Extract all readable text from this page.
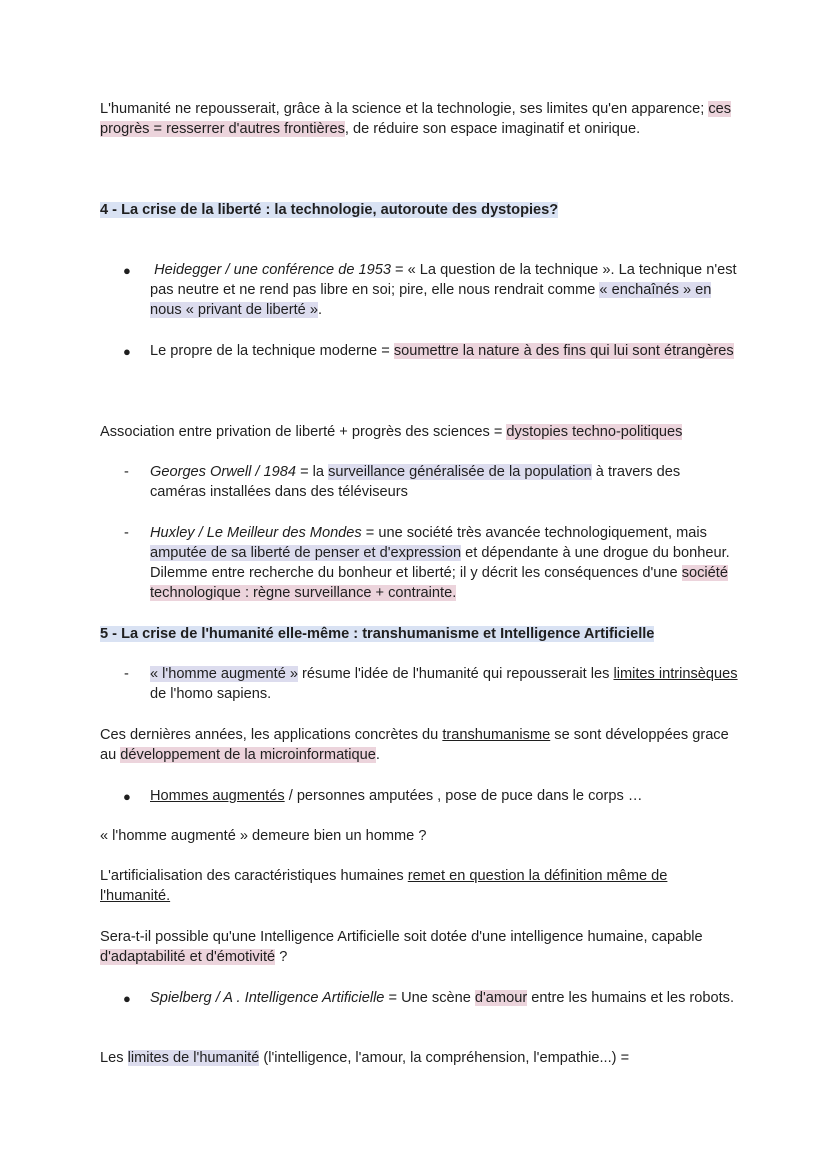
L'humanité ne repousserait, grâce à la science et la technologie, ses limites qu'en apparence; ces progrès = resserrer d'autres frontières, de réduire son espace imaginatif et onirique.

4 - La crise de la liberté : la technologie, autoroute des dystopies?

● Heidegger / une conférence de 1953 = « La question de la technique ». La technique n'est pas neutre et ne rend pas libre en soi; pire, elle nous rendrait comme « enchaînés » en nous « privant de liberté ».

● Le propre de la technique moderne = soumettre la nature à des fins qui lui sont étrangères

Association entre privation de liberté + progrès des sciences = dystopies techno-politiques

- Georges Orwell / 1984 = la surveillance généralisée de la population à travers des caméras installées dans des téléviseurs

- Huxley / Le Meilleur des Mondes = une société très avancée technologiquement, mais amputée de sa liberté de penser et d'expression et dépendante à une drogue du bonheur. Dilemme entre recherche du bonheur et liberté; il y décrit les conséquences d'une société technologique : règne surveillance + contrainte.

5 - La crise de l'humanité elle-même : transhumanisme et Intelligence Artificielle

- « l'homme augmenté » résume l'idée de l'humanité qui repousserait les limites intrinsèques de l'homo sapiens.

Ces dernières années, les applications concrètes du transhumanisme se sont développées grace au développement de la microinformatique.

● Hommes augmentés / personnes amputées , pose de puce dans le corps …

« l'homme augmenté » demeure bien un homme ?

L'artificialisation des caractéristiques humaines remet en question la définition même de l'humanité.

Sera-t-il possible qu'une Intelligence Artificielle soit dotée d'une intelligence humaine, capable d'adaptabilité et d'émotivité ?

● Spielberg / A . Intelligence Artificielle = Une scène d'amour entre les humains et les robots.

Les limites de l'humanité (l'intelligence, l'amour, la compréhension, l'empathie...) =
